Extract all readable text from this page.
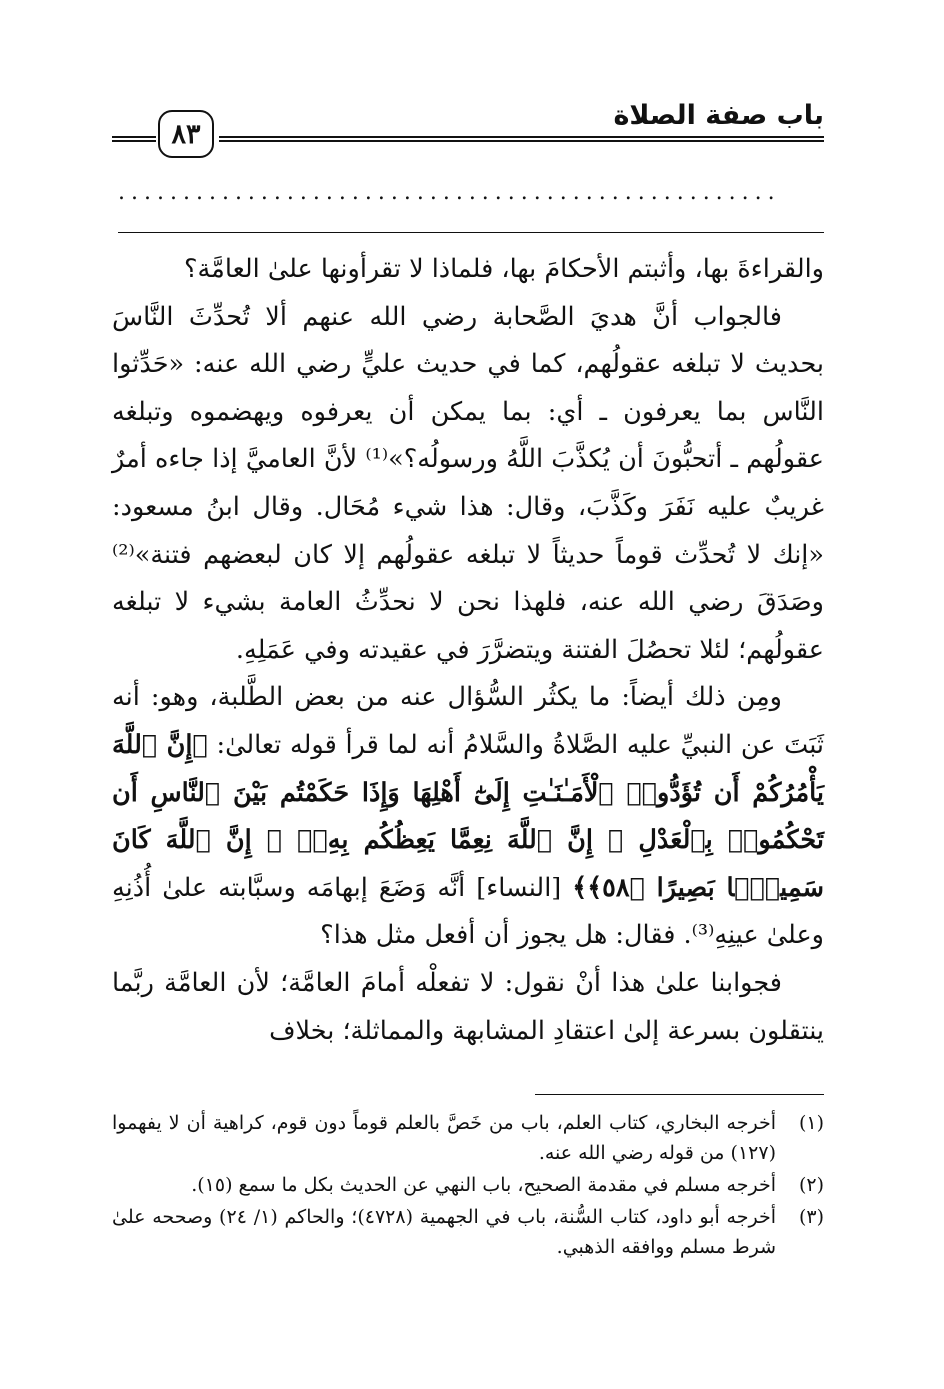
باب صفة الصلاة
٨٣
...................................................

والقراءةَ بها، وأثبتم الأحكامَ بها، فلماذا لا تقرأونها علىٰ العامَّة؟

فالجواب أنَّ هديَ الصَّحابة رضي الله عنهم ألا تُحدِّثَ النَّاسَ بحديث لا تبلغه عقولُهم، كما في حديث عليٍّ رضي الله عنه: «حَدِّثوا النَّاس بما يعرفون ـ أي: بما يمكن أن يعرفوه ويهضموه وتبلغه عقولُهم ـ أتحبُّونَ أن يُكذَّبَ اللَّهُ ورسولُه؟»⁽¹⁾ لأنَّ العاميَّ إذا جاءه أمرٌ غريبٌ عليه نَفَرَ وكَذَّبَ، وقال: هذا شيء مُحَال. وقال ابنُ مسعود: «إنك لا تُحدِّث قوماً حديثاً لا تبلغه عقولُهم إلا كان لبعضهم فتنة»⁽²⁾ وصَدَقَ رضي الله عنه، فلهذا نحن لا نحدِّثُ العامة بشيء لا تبلغه عقولُهم؛ لئلا تحصُلَ الفتنة ويتضرَّرَ في عقيدته وفي عَمَلِهِ.

ومِن ذلك أيضاً: ما يكثُر السُّؤال عنه من بعض الطَّلبة، وهو: أنه ثَبَتَ عن النبيِّ عليه الصَّلاةُ والسَّلامُ أنه لما قرأ قوله تعالىٰ: ﴿إِنَّ ٱللَّهَ يَأْمُرُكُمْ أَن تُؤَدُّوا۟ ٱلْأَمَـٰنَـٰتِ إِلَىٰٓ أَهْلِهَا وَإِذَا حَكَمْتُم بَيْنَ ٱلنَّاسِ أَن تَحْكُمُوا۟ بِٱلْعَدْلِ ۚ إِنَّ ٱللَّهَ نِعِمَّا يَعِظُكُم بِهِۦٓ ۗ إِنَّ ٱللَّهَ كَانَ سَمِيعًۢا بَصِيرًا ﴿٥٨﴾﴾ [النساء] أنَّه وَضَعَ إبهامَه وسبَّابته علىٰ أُذُنِهِ وعلىٰ عينِهِ⁽³⁾. فقال: هل يجوز أن أفعل مثل هذا؟

فجوابنا علىٰ هذا أنْ نقول: لا تفعلْه أمامَ العامَّة؛ لأن العامَّة ربَّما ينتقلون بسرعة إلىٰ اعتقادِ المشابهة والمماثلة؛ بخلاف

(١)
أخرجه البخاري، كتاب العلم، باب من خَصَّ بالعلم قوماً دون قوم، كراهية أن لا يفهموا (١٢٧) من قوله رضي الله عنه.
(٢)
أخرجه مسلم في مقدمة الصحيح، باب النهي عن الحديث بكل ما سمع (١٥).
(٣)
أخرجه أبو داود، كتاب السُّنة، باب في الجهمية (٤٧٢٨)؛ والحاكم (١/ ٢٤) وصححه علىٰ شرط مسلم ووافقه الذهبي.
